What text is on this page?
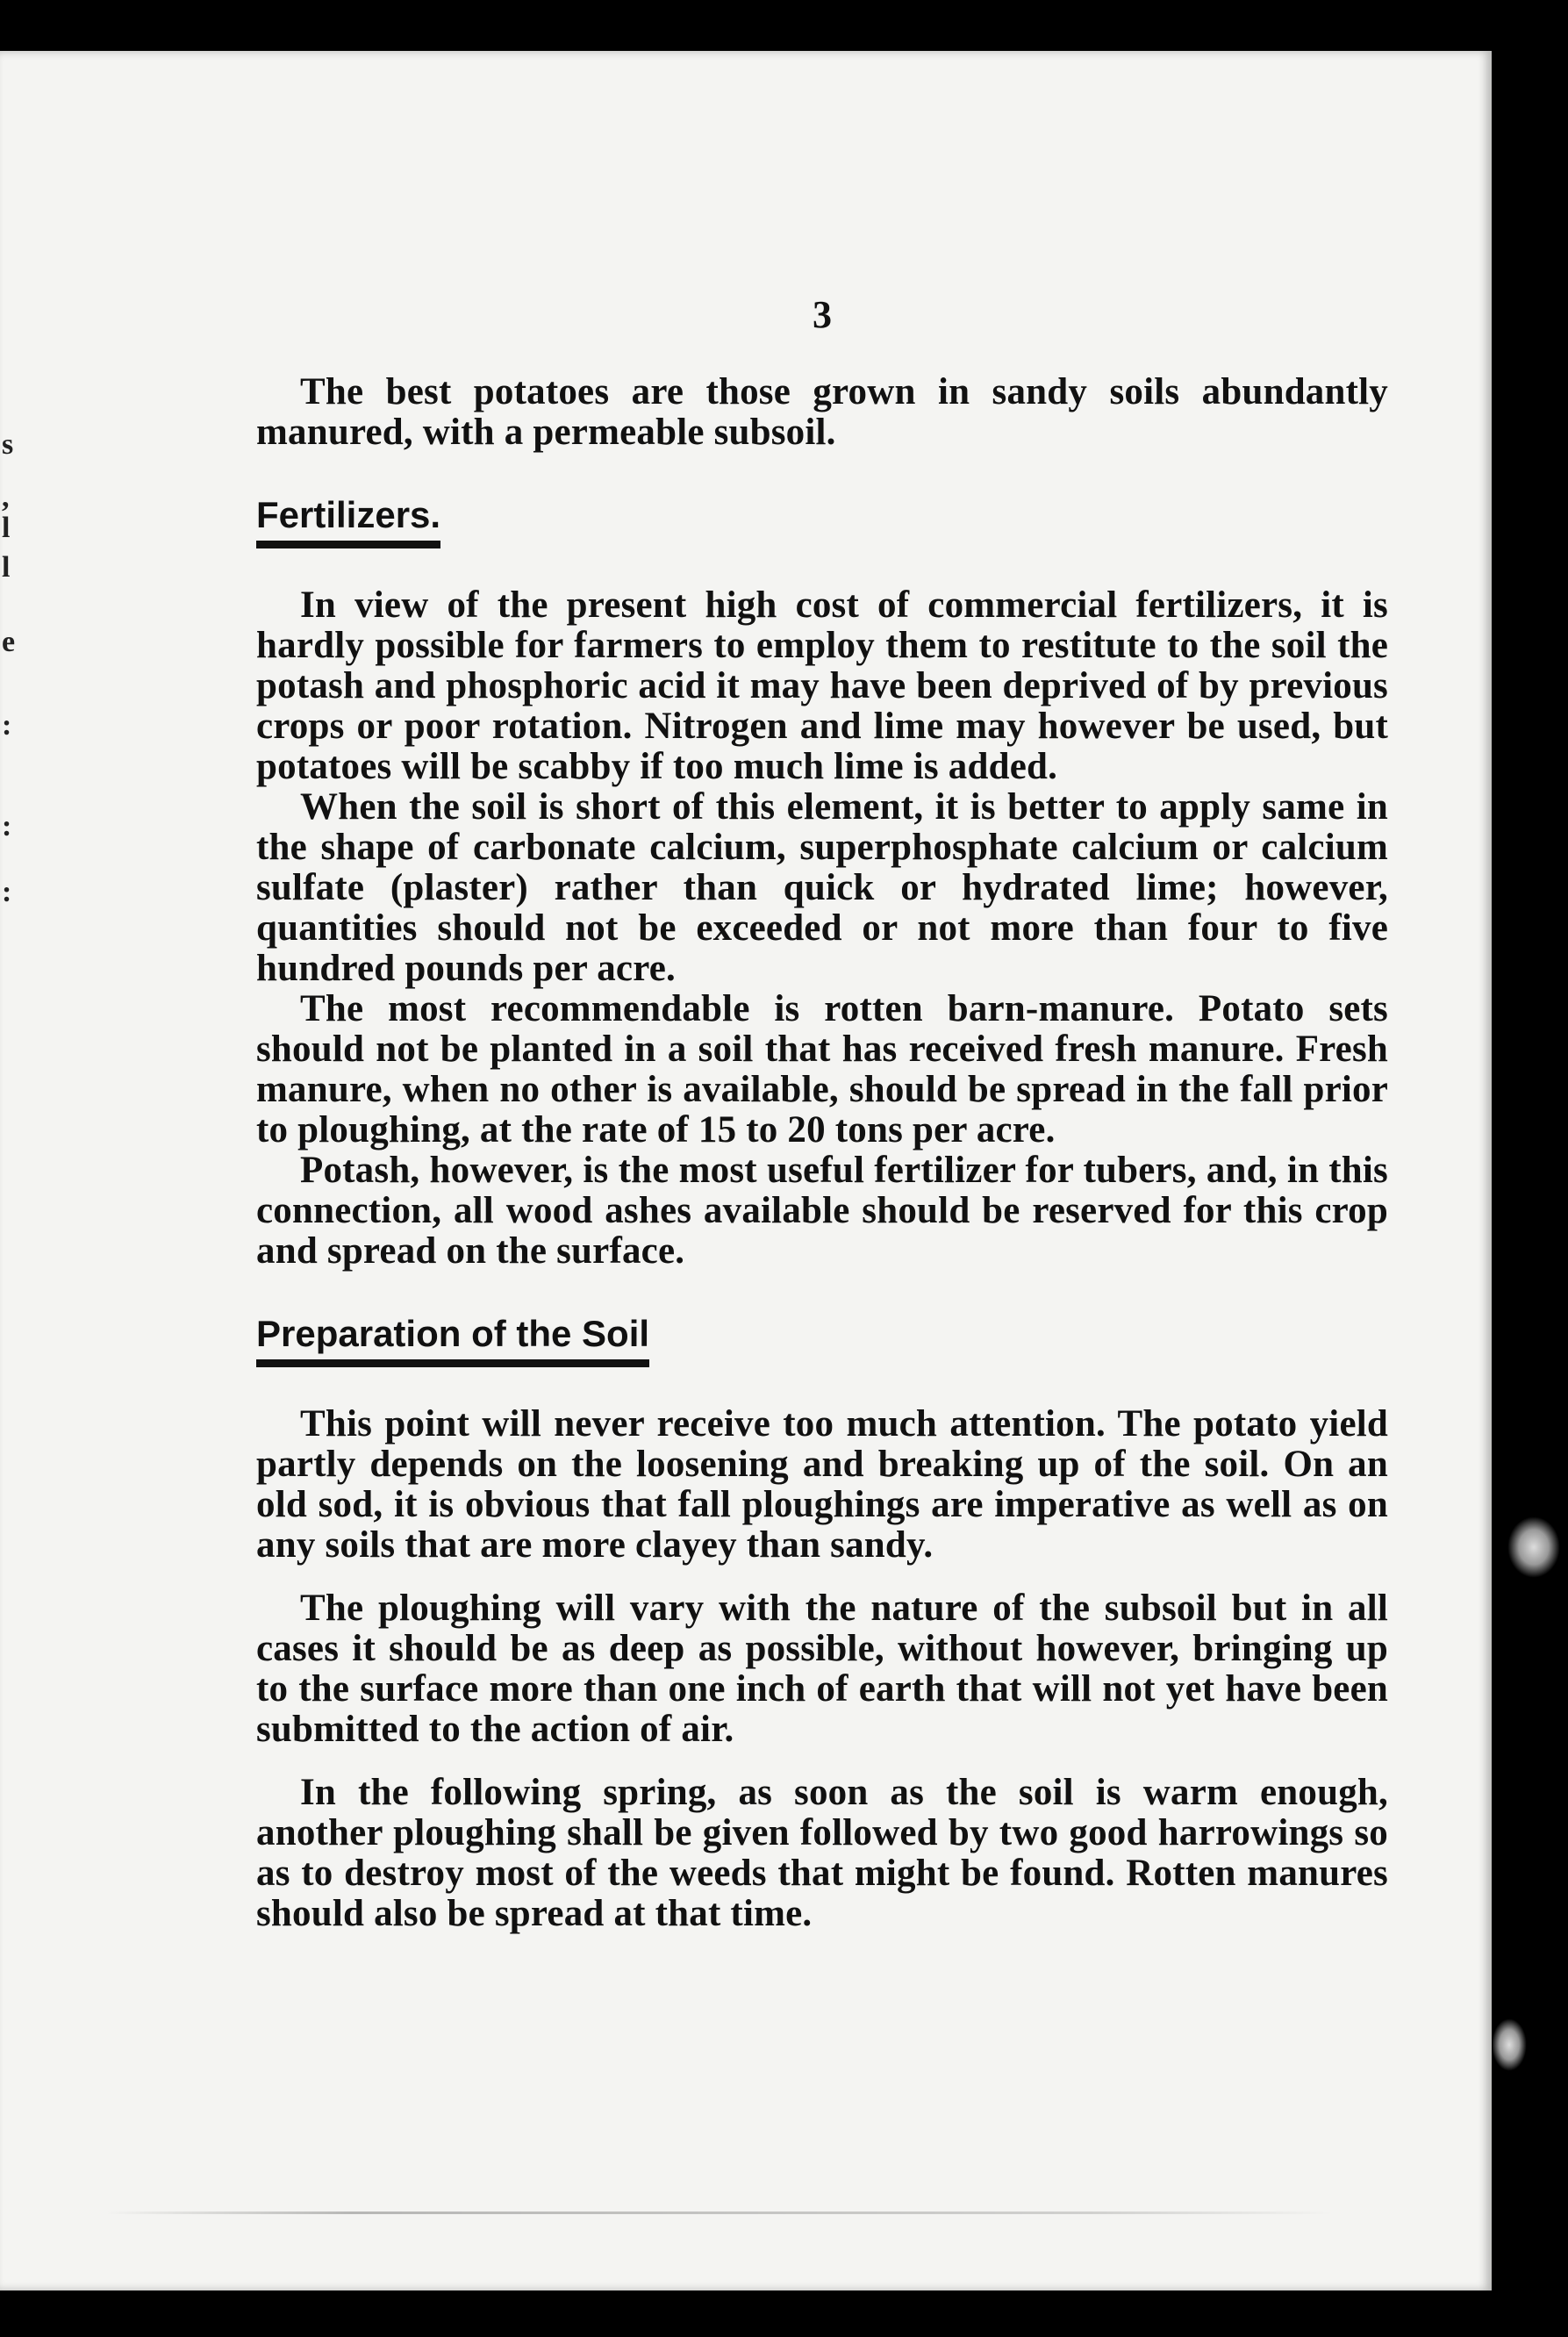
s
,
l
l
e
:
:
:
3

The best potatoes are those grown in sandy soils abundantly manured, with a permeable subsoil.

Fertilizers.

In view of the present high cost of commercial fertilizers, it is hardly possible for farmers to employ them to restitute to the soil the potash and phosphoric acid it may have been deprived of by previous crops or poor rotation. Nitrogen and lime may however be used, but potatoes will be scabby if too much lime is added.

When the soil is short of this element, it is better to apply same in the shape of carbonate calcium, superphosphate calcium or calcium sulfate (plaster) rather than quick or hydrated lime; however, quantities should not be exceeded or not more than four to five hundred pounds per acre.

The most recommendable is rotten barn-manure. Potato sets should not be planted in a soil that has received fresh manure. Fresh manure, when no other is available, should be spread in the fall prior to ploughing, at the rate of 15 to 20 tons per acre.

Potash, however, is the most useful fertilizer for tubers, and, in this connection, all wood ashes available should be reserved for this crop and spread on the surface.

Preparation of the Soil

This point will never receive too much attention. The potato yield partly depends on the loosening and breaking up of the soil. On an old sod, it is obvious that fall ploughings are imperative as well as on any soils that are more clayey than sandy.

The ploughing will vary with the nature of the subsoil but in all cases it should be as deep as possible, without however, bringing up to the surface more than one inch of earth that will not yet have been submitted to the action of air.

In the following spring, as soon as the soil is warm enough, another ploughing shall be given followed by two good harrowings so as to destroy most of the weeds that might be found. Rotten manures should also be spread at that time.
